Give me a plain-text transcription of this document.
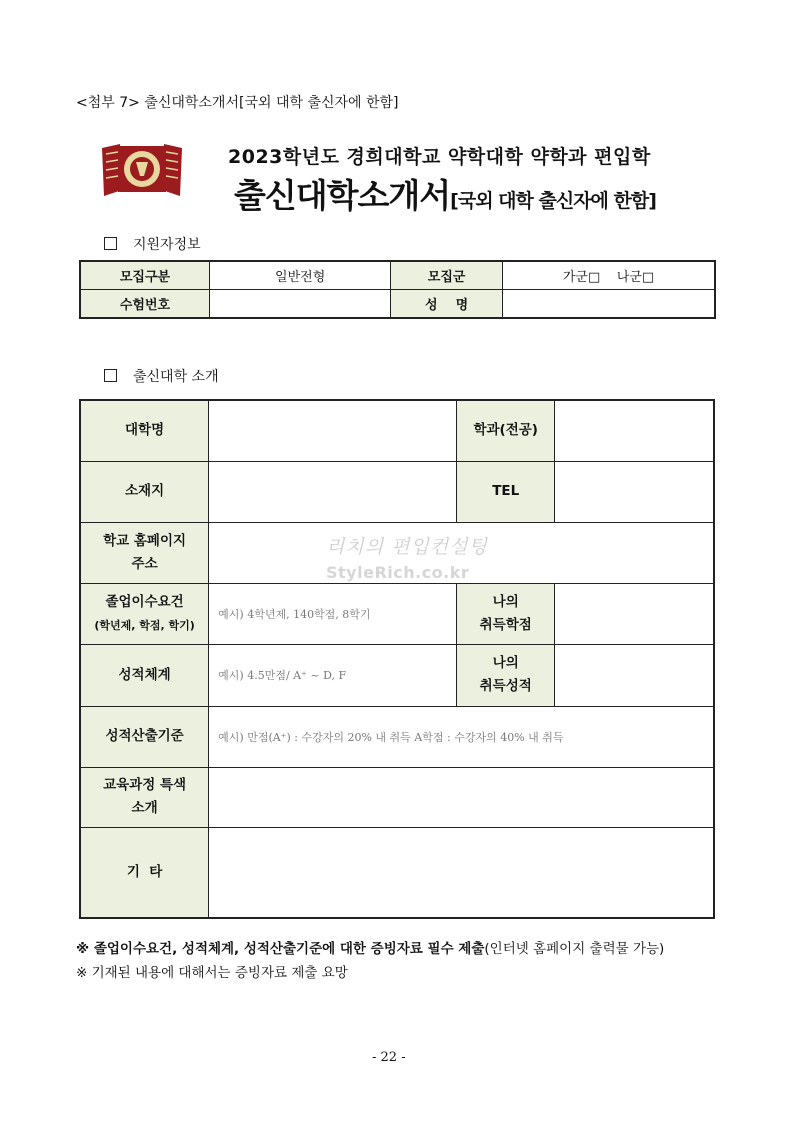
<첨부 7> 출신대학소개서[국외 대학 출신자에 한함]
2023학년도 경희대학교 약학대학 약학과 편입학
출신대학소개서[국외 대학 출신자에 한함]
지원자정보
모집구분	일반전형	모집군	가군□    나군□
수험번호		성    명	
출신대학 소개
대학명		학과(전공)	
소재지		TEL	
학교 홈페이지
주소			
졸업이수요건
(학년제, 학점, 학기)	예시) 4학년제, 140학점, 8학기	나의
취득학점	
성적체계	예시) 4.5만점/ A⁺ ~ D, F	나의
취득성적	
성적산출기준	예시) 만점(A⁺) : 수강자의 20% 내 취득 A학점 : 수강자의 40% 내 취득		
교육과정 특색
소개			
기  타			
리치의 편입컨설팅
StyleRich.co.kr
※ 졸업이수요건, 성적체계, 성적산출기준에 대한 증빙자료 필수 제출(인터넷 홈페이지 출력물 가능)
※ 기재된 내용에 대해서는 증빙자료 제출 요망
- 22 -
